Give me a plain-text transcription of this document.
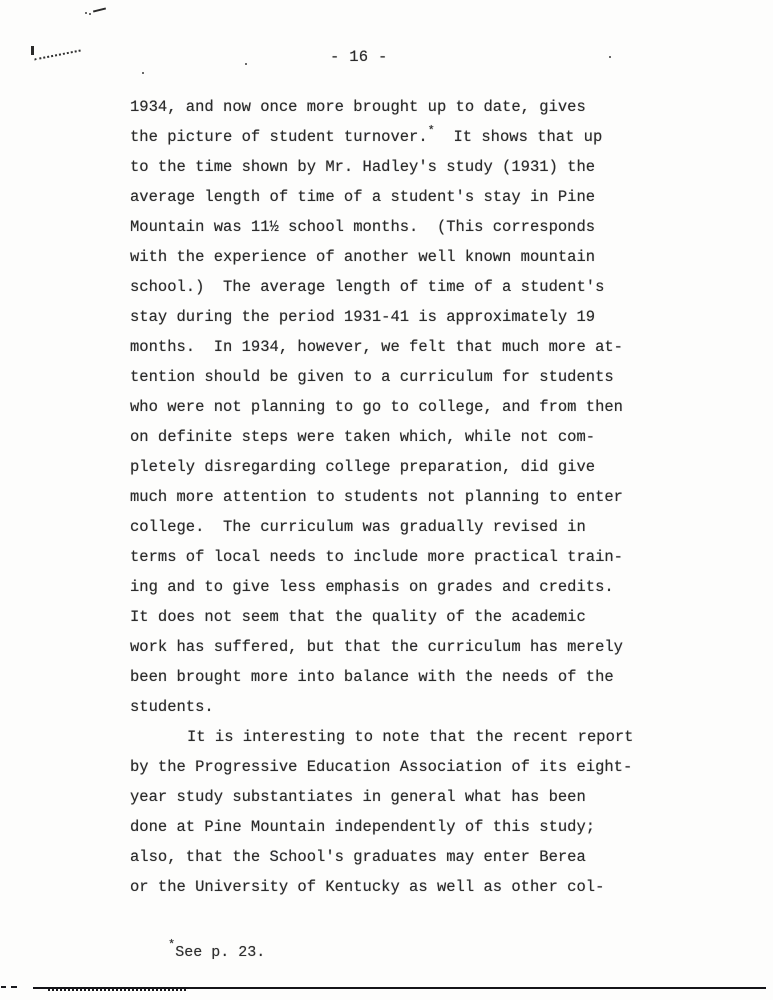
- 16 -
1934, and now once more brought up to date, gives
the picture of student turnover.*  It shows that up
to the time shown by Mr. Hadley's study (1931) the
average length of time of a student's stay in Pine
Mountain was 11½ school months.  (This corresponds
with the experience of another well known mountain
school.)  The average length of time of a student's
stay during the period 1931-41 is approximately 19
months.  In 1934, however, we felt that much more at-
tention should be given to a curriculum for students
who were not planning to go to college, and from then
on definite steps were taken which, while not com-
pletely disregarding college preparation, did give
much more attention to students not planning to enter
college.  The curriculum was gradually revised in
terms of local needs to include more practical train-
ing and to give less emphasis on grades and credits.
It does not seem that the quality of the academic
work has suffered, but that the curriculum has merely
been brought more into balance with the needs of the
students.
It is interesting to note that the recent report
by the Progressive Education Association of its eight-
year study substantiates in general what has been
done at Pine Mountain independently of this study;
also, that the School's graduates may enter Berea
or the University of Kentucky as well as other col-
*See p. 23.
